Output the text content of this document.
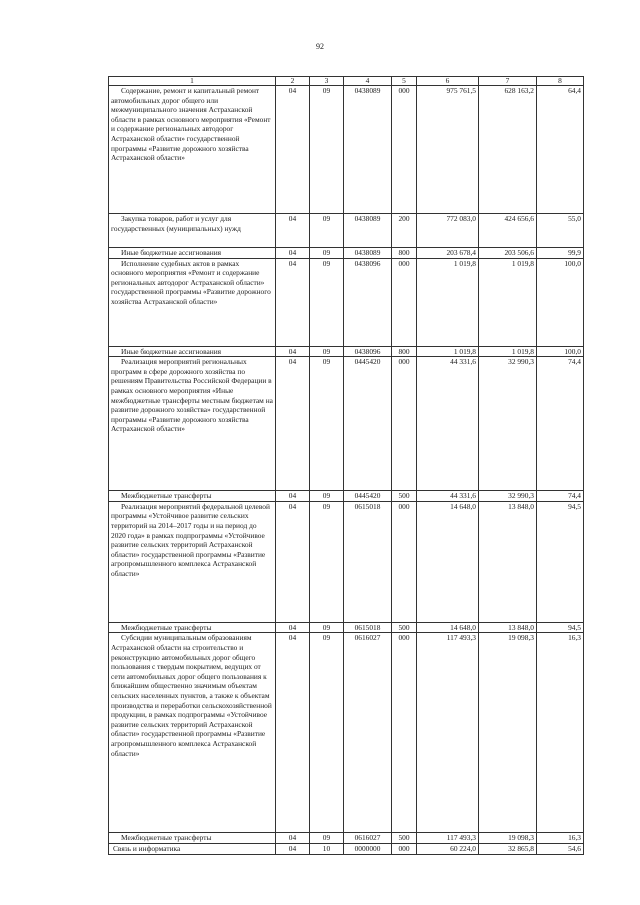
92
1	2	3	4	5	6	7	8

Содержание, ремонт и капитальный ремонт автомобильных дорог общего или межмуниципального значения Астраханской области в рамках основного мероприятия «Ремонт и содержание региональных автодорог Астраханской области» государственной программы «Развитие дорожного хозяйства Астраханской области»	04	09	0438089	000	975 761,5	628 163,2	64,4

Закупка товаров, работ и услуг для государственных (муниципальных) нужд	04	09	0438089	200	772 083,0	424 656,6	55,0

Иные бюджетные ассигнования	04	09	0438089	800	203 678,4	203 506,6	99,9

Исполнение судебных актов в рамках основного мероприятия «Ремонт и содержание региональных автодорог Астраханской области» государственной программы «Развитие дорожного хозяйства Астраханской области»	04	09	0438096	000	1 019,8	1 019,8	100,0

Иные бюджетные ассигнования	04	09	0438096	800	1 019,8	1 019,8	100,0

Реализация мероприятий региональных программ в сфере дорожного хозяйства по решениям Правительства Российской Федерации в рамках основного мероприятия «Иные межбюджетные трансферты местным бюджетам на развитие дорожного хозяйства» государственной программы «Развитие дорожного хозяйства Астраханской области»	04	09	0445420	000	44 331,6	32 990,3	74,4

Межбюджетные трансферты	04	09	0445420	500	44 331,6	32 990,3	74,4

Реализация мероприятий федеральной целевой программы «Устойчивое развитие сельских территорий на 2014–2017 годы и на период до 2020 года» в рамках подпрограммы «Устойчивое развитие сельских территорий Астраханской области» государственной программы «Развитие агропромышленного комплекса Астраханской области»	04	09	0615018	000	14 648,0	13 848,0	94,5

Межбюджетные трансферты	04	09	0615018	500	14 648,0	13 848,0	94,5

Субсидии муниципальным образованиям Астраханской области на строительство и реконструкцию автомобильных дорог общего пользования с твердым покрытием, ведущих от сети автомобильных дорог общего пользования к ближайшим общественно значимым объектам сельских населенных пунктов, а также к объектам производства и переработки сельскохозяйственной продукции, в рамках подпрограммы «Устойчивое развитие сельских территорий Астраханской области» государственной программы «Развитие агропромышленного комплекса Астраханской области»	04	09	0616027	000	117 493,3	19 098,3	16,3

Межбюджетные трансферты	04	09	0616027	500	117 493,3	19 098,3	16,3
Связь и информатика	04	10	0000000	000	60 224,0	32 865,8	54,6
